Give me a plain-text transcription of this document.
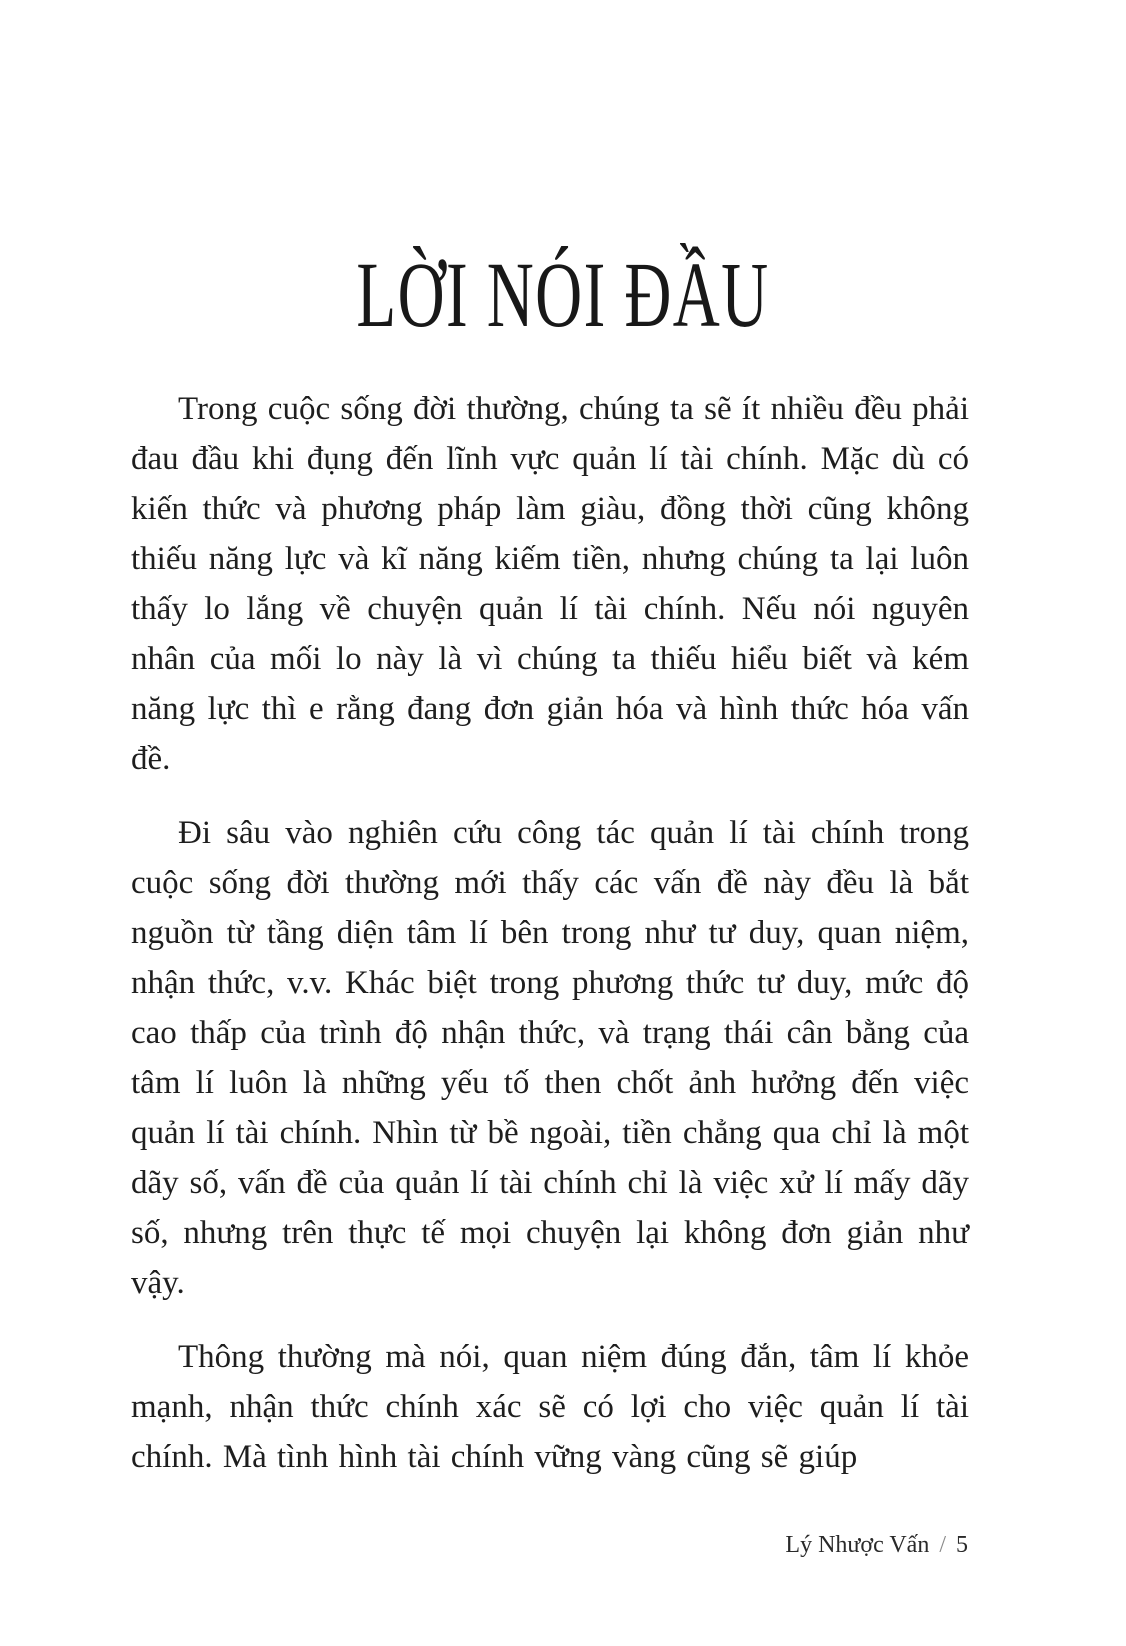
LỜI NÓI ĐẦU

Trong cuộc sống đời thường, chúng ta sẽ ít nhiều đều phải đau đầu khi đụng đến lĩnh vực quản lí tài chính. Mặc dù có kiến thức và phương pháp làm giàu, đồng thời cũng không thiếu năng lực và kĩ năng kiếm tiền, nhưng chúng ta lại luôn thấy lo lắng về chuyện quản lí tài chính. Nếu nói nguyên nhân của mối lo này là vì chúng ta thiếu hiểu biết và kém năng lực thì e rằng đang đơn giản hóa và hình thức hóa vấn đề.

Đi sâu vào nghiên cứu công tác quản lí tài chính trong cuộc sống đời thường mới thấy các vấn đề này đều là bắt nguồn từ tầng diện tâm lí bên trong như tư duy, quan niệm, nhận thức, v.v. Khác biệt trong phương thức tư duy, mức độ cao thấp của trình độ nhận thức, và trạng thái cân bằng của tâm lí luôn là những yếu tố then chốt ảnh hưởng đến việc quản lí tài chính. Nhìn từ bề ngoài, tiền chẳng qua chỉ là một dãy số, vấn đề của quản lí tài chính chỉ là việc xử lí mấy dãy số, nhưng trên thực tế mọi chuyện lại không đơn giản như vậy.

Thông thường mà nói, quan niệm đúng đắn, tâm lí khỏe mạnh, nhận thức chính xác sẽ có lợi cho việc quản lí tài chính. Mà tình hình tài chính vững vàng cũng sẽ giúp

Lý Nhược Vấn / 5
